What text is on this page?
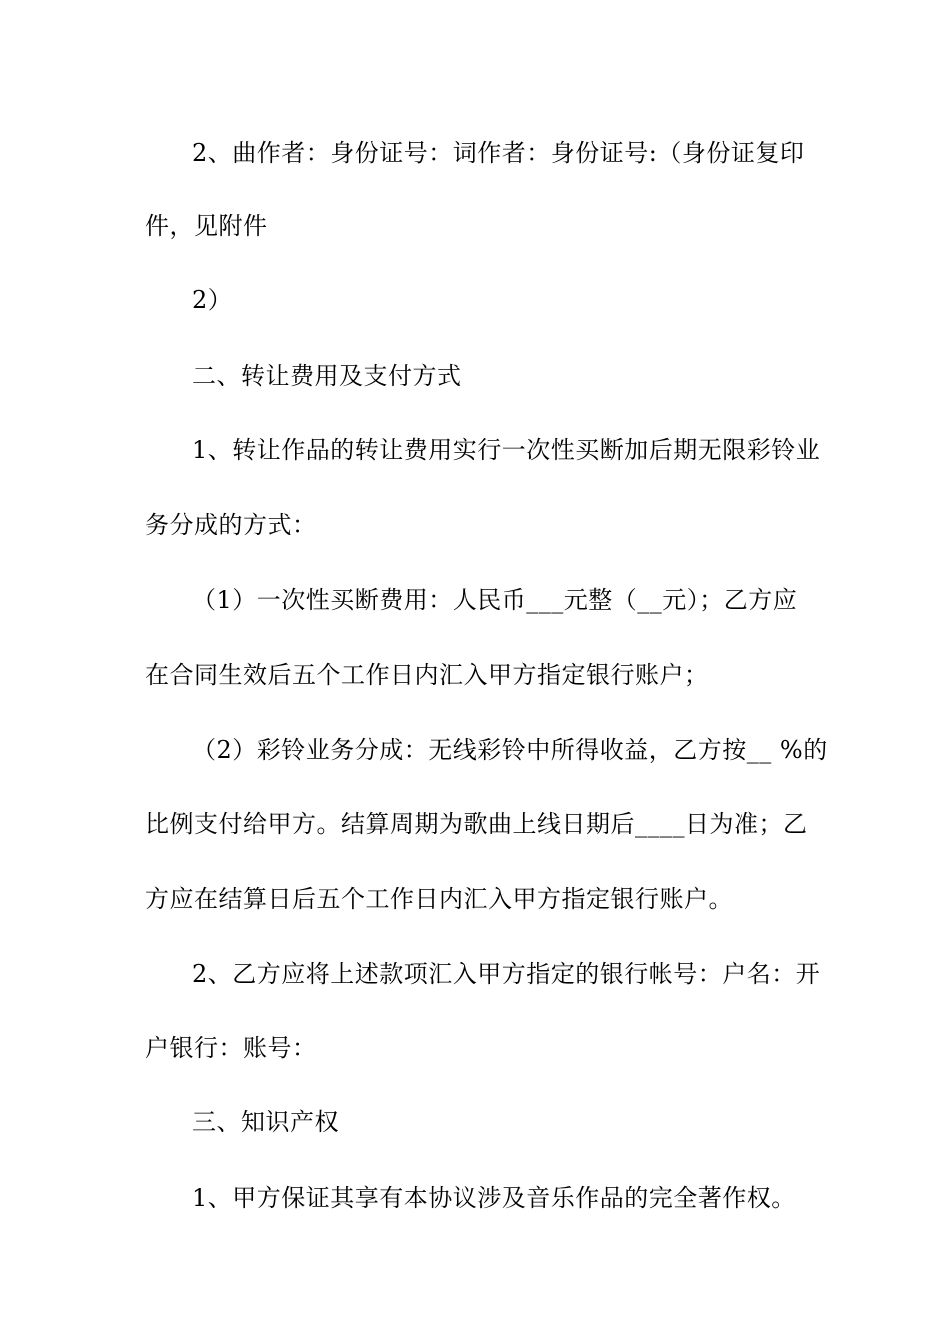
2、曲作者：身份证号：词作者：身份证号:（身份证复印
件，见附件
2）
二、转让费用及支付方式
1、转让作品的转让费用实行一次性买断加后期无限彩铃业
务分成的方式：
（1）一次性买断费用：人民币___元整（__元）；乙方应
在合同生效后五个工作日内汇入甲方指定银行账户；
（2）彩铃业务分成：无线彩铃中所得收益，乙方按__ %的
比例支付给甲方。结算周期为歌曲上线日期后____日为准；乙
方应在结算日后五个工作日内汇入甲方指定银行账户。
2、乙方应将上述款项汇入甲方指定的银行帐号：户名：开
户银行：账号：
三、知识产权
1、甲方保证其享有本协议涉及音乐作品的完全著作权。
